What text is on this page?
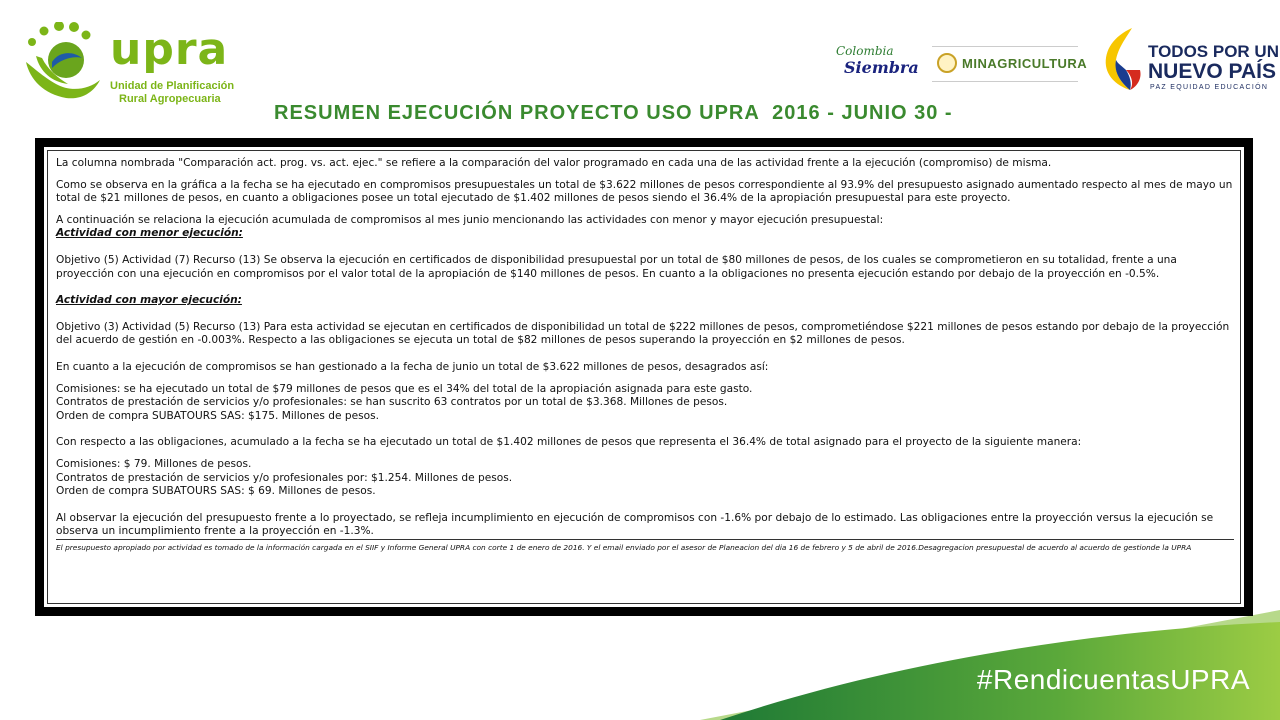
upra
Unidad de Planificación
Rural Agropecuaria
Colombia
Siembra	MINAGRICULTURA
TODOS POR UN
NUEVO PAÍS
PAZ EQUIDAD EDUCACIÓN
RESUMEN EJECUCIÓN PROYECTO USO UPRA  2016 - JUNIO 30 -

La columna nombrada "Comparación act. prog. vs. act. ejec." se refiere a la comparación del valor programado en cada una de las actividad frente a la ejecución (compromiso) de misma.

Como se observa en la gráfica a la fecha se ha ejecutado en compromisos presupuestales un total de $3.622 millones de pesos correspondiente al 93.9% del presupuesto asignado aumentado respecto al mes de mayo un total de $21 millones de pesos, en cuanto a obligaciones posee un total ejecutado de $1.402 millones de pesos siendo el 36.4% de la apropiación presupuestal para este proyecto.

A continuación se relaciona la ejecución acumulada de compromisos al mes junio mencionando las actividades con menor y mayor ejecución presupuestal:

Actividad con menor ejecución:

Objetivo (5) Actividad (7) Recurso (13) Se observa la ejecución en certificados de disponibilidad presupuestal por un total de $80 millones de pesos, de los cuales se comprometieron en su totalidad, frente a una proyección con una ejecución en compromisos por el valor total de la apropiación de $140 millones de pesos. En cuanto a la obligaciones no presenta ejecución estando por debajo de la proyección en -0.5%.

Actividad con mayor ejecución:

Objetivo (3) Actividad (5) Recurso (13) Para esta actividad se ejecutan en certificados de disponibilidad un total de $222 millones de pesos, comprometiéndose $221 millones de pesos estando por debajo de la proyección del acuerdo de gestión en -0.003%. Respecto a las obligaciones se ejecuta un total de $82 millones de pesos superando la proyección en $2 millones de pesos.

En cuanto a la ejecución de compromisos se han gestionado a la fecha de junio un total de $3.622 millones de pesos, desagrados así:

Comisiones: se ha ejecutado un total de $79 millones de pesos que es el 34% del total de la apropiación asignada para este gasto.

Contratos de prestación de servicios y/o profesionales: se han suscrito 63 contratos por un total de $3.368. Millones de pesos.

Orden de compra SUBATOURS SAS: $175. Millones de pesos.

Con respecto a las obligaciones, acumulado a la fecha se ha ejecutado un total de $1.402 millones de pesos que representa el 36.4% de total asignado para el proyecto de la siguiente manera:

Comisiones: $ 79. Millones de pesos.

Contratos de prestación de servicios y/o profesionales por: $1.254. Millones de pesos.

Orden de compra SUBATOURS SAS: $ 69. Millones de pesos.

Al observar la ejecución del presupuesto frente a lo proyectado, se refleja incumplimiento en ejecución de compromisos con -1.6% por debajo de lo estimado. Las obligaciones entre la proyección versus la ejecución se observa un incumplimiento frente a la proyección en -1.3%.

El presupuesto apropiado por actividad es tomado de la información cargada en el SIIF y Informe General UPRA con corte 1 de enero de 2016. Y el email enviado por el asesor de Planeacion del dia 16 de febrero y 5 de abril de 2016.Desagregacion presupuestal de acuerdo al acuerdo de gestionde la UPRA

#RendicuentasUPRA
